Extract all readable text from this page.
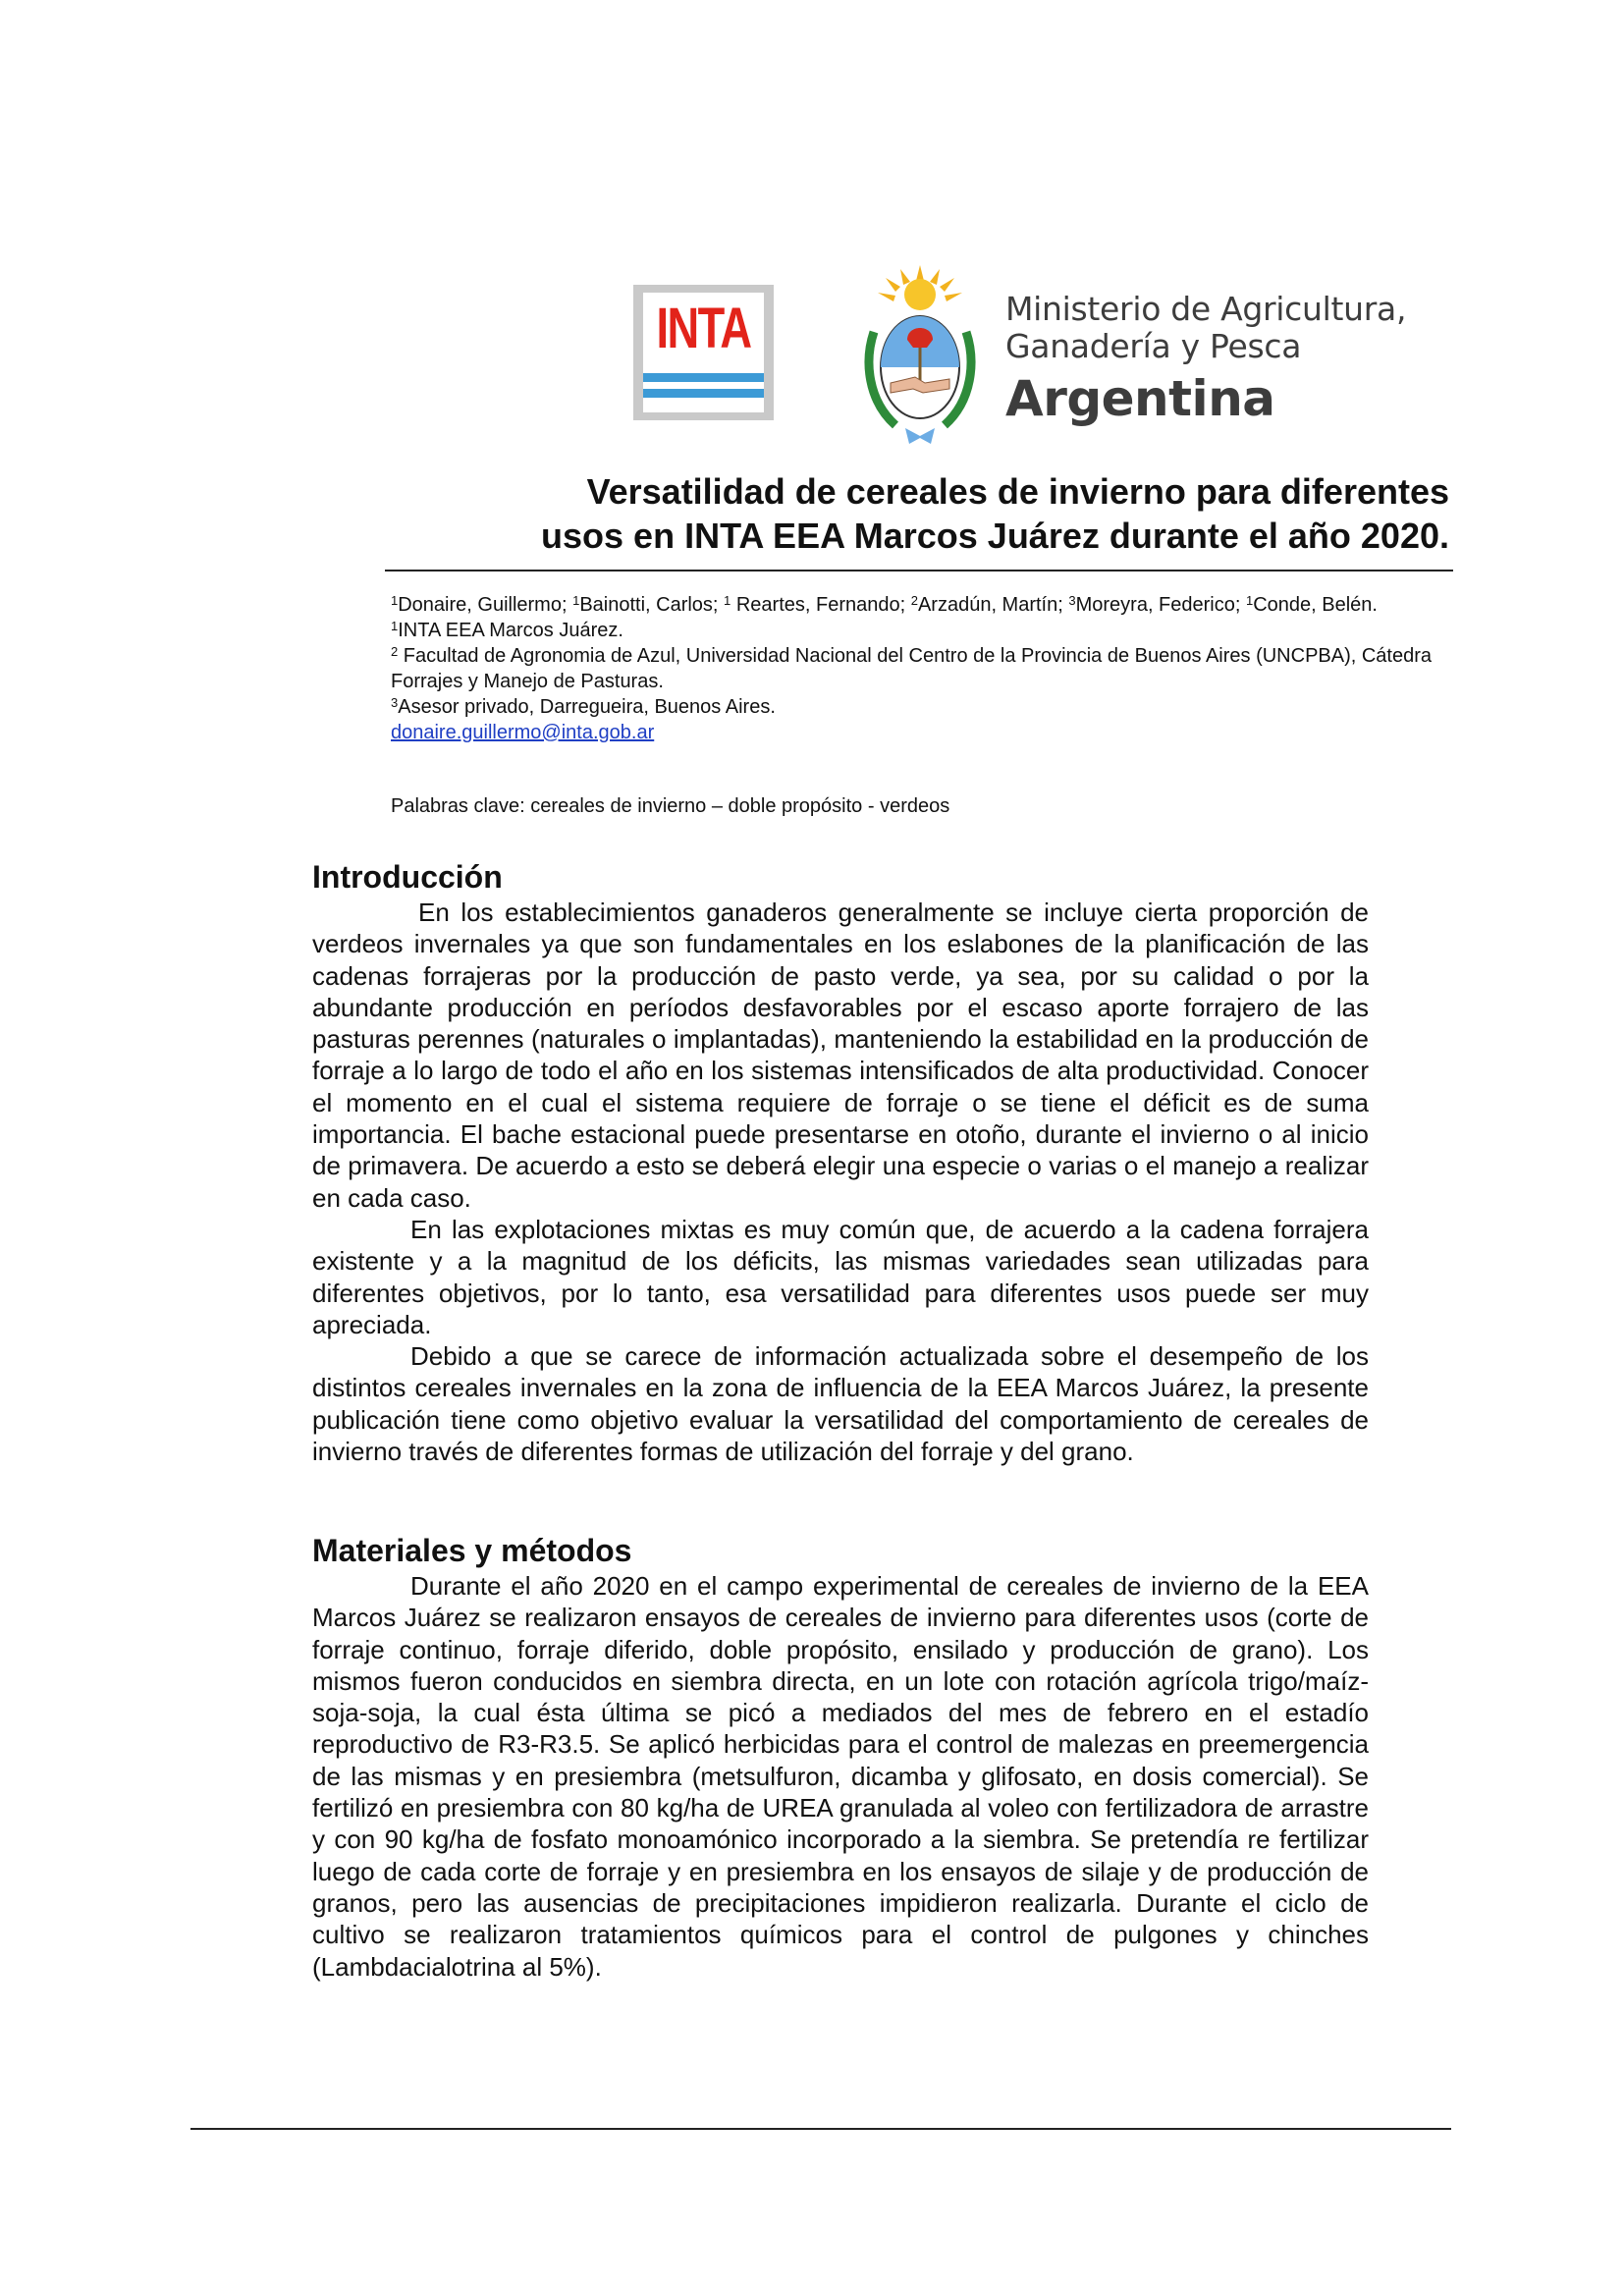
INTA	Ministerio de Agricultura,
Ganadería y Pesca
Argentina
Versatilidad de cereales de invierno para diferentes
usos en INTA EEA Marcos Juárez durante el año 2020.

$^1$Donaire, Guillermo; $^1$Bainotti, Carlos; $^1$ Reartes, Fernando; $^2$Arzadún, Martín; $^3$Moreyra, Federico; $^1$Conde, Belén.

$^1$INTA EEA Marcos Juárez.

$^2$ Facultad de Agronomia de Azul, Universidad Nacional del Centro de la Provincia de Buenos Aires (UNCPBA), Cátedra Forrajes y Manejo de Pasturas.

$^3$Asesor privado, Darregueira, Buenos Aires.

donaire.guillermo@inta.gob.ar

Palabras clave: cereales de invierno – doble propósito - verdeos
Introducción

En los establecimientos ganaderos generalmente se incluye cierta proporción de verdeos invernales ya que son fundamentales en los eslabones de la planificación de las cadenas forrajeras por la producción de pasto verde, ya sea, por su calidad o por la abundante producción en períodos desfavorables por el escaso aporte forrajero de las pasturas perennes (naturales o implantadas), manteniendo la estabilidad en la producción de forraje a lo largo de todo el año en los sistemas intensificados de alta productividad. Conocer el momento en el cual el sistema requiere de forraje o se tiene el déficit es de suma importancia. El bache estacional puede presentarse en otoño, durante el invierno o al inicio de primavera. De acuerdo a esto se deberá elegir una especie o varias o el manejo a realizar en cada caso.

En las explotaciones mixtas es muy común que, de acuerdo a la cadena forrajera existente y a la magnitud de los déficits, las mismas variedades sean utilizadas para diferentes objetivos, por lo tanto, esa versatilidad para diferentes usos puede ser muy apreciada.

Debido a que se carece de información actualizada sobre el desempeño de los distintos cereales invernales en la zona de influencia de la EEA Marcos Juárez, la presente publicación tiene como objetivo evaluar la versatilidad del comportamiento de cereales de invierno través de diferentes formas de utilización del forraje y del grano.

Materiales y métodos

Durante el año 2020 en el campo experimental de cereales de invierno de la EEA Marcos Juárez se realizaron ensayos de cereales de invierno para diferentes usos (corte de forraje continuo, forraje diferido, doble propósito, ensilado y producción de grano). Los mismos fueron conducidos en siembra directa, en un lote con rotación agrícola trigo/maíz-soja-soja, la cual ésta última se picó a mediados del mes de febrero en el estadío reproductivo de R3-R3.5. Se aplicó herbicidas para el control de malezas en preemergencia de las mismas y en presiembra (metsulfuron, dicamba y glifosato, en dosis comercial). Se fertilizó en presiembra con 80 kg/ha de UREA granulada al voleo con fertilizadora de arrastre y con 90 kg/ha de fosfato monoamónico incorporado a la siembra. Se pretendía re fertilizar luego de cada corte de forraje y en presiembra en los ensayos de silaje y de producción de granos, pero las ausencias de precipitaciones impidieron realizarla. Durante el ciclo de cultivo se realizaron tratamientos químicos para el control de pulgones y chinches (Lambdacialotrina al 5%).
